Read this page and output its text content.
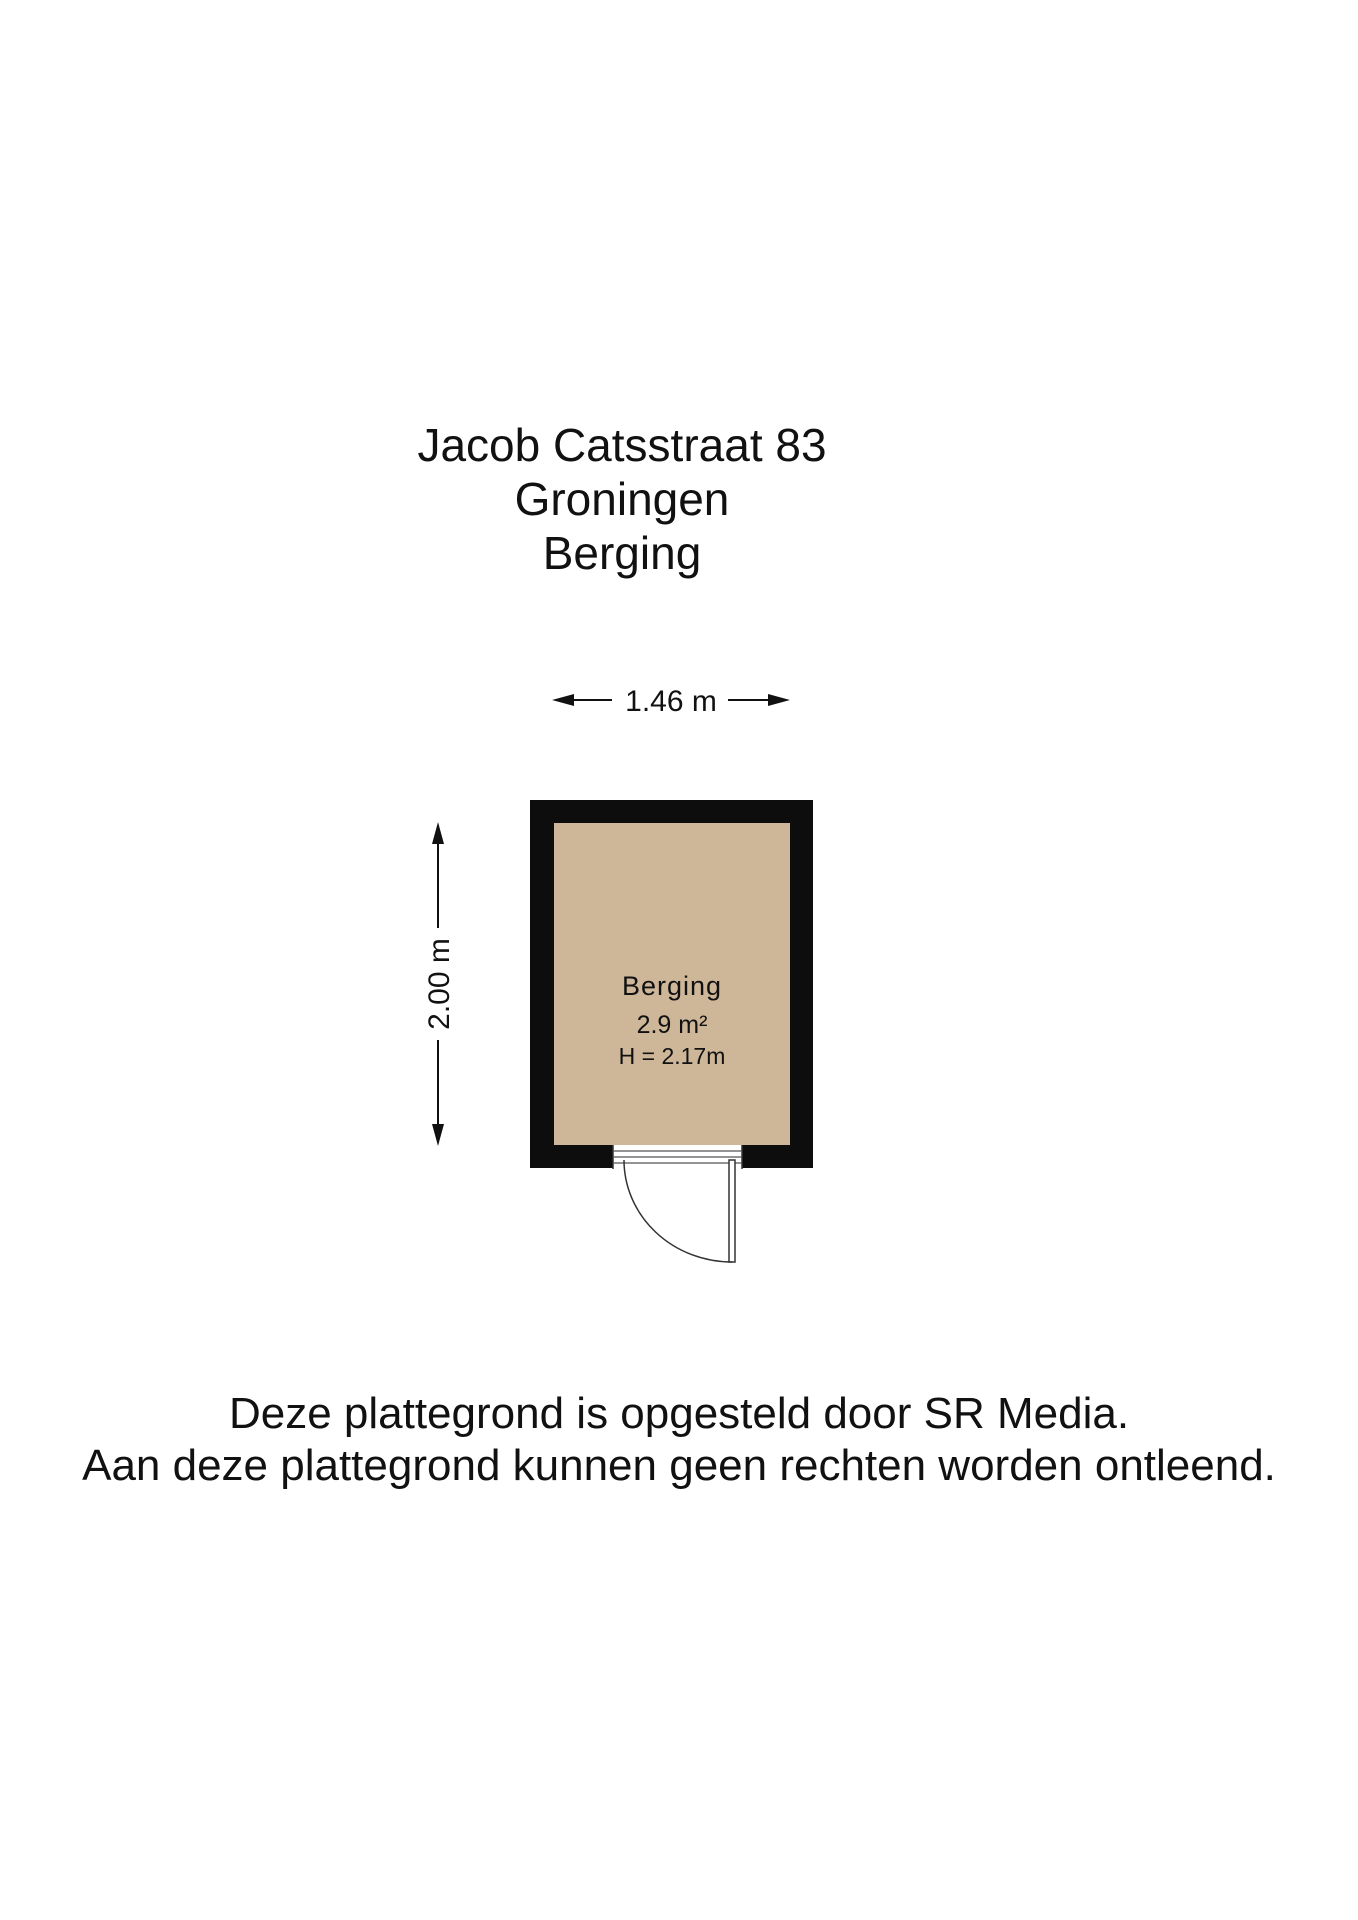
Jacob Catsstraat 83
Groningen
Berging
1.46 m
2.00 m	Berging
2.9 m²
H = 2.17m
Deze plattegrond is opgesteld door SR Media.
Aan deze plattegrond kunnen geen rechten worden ontleend.
